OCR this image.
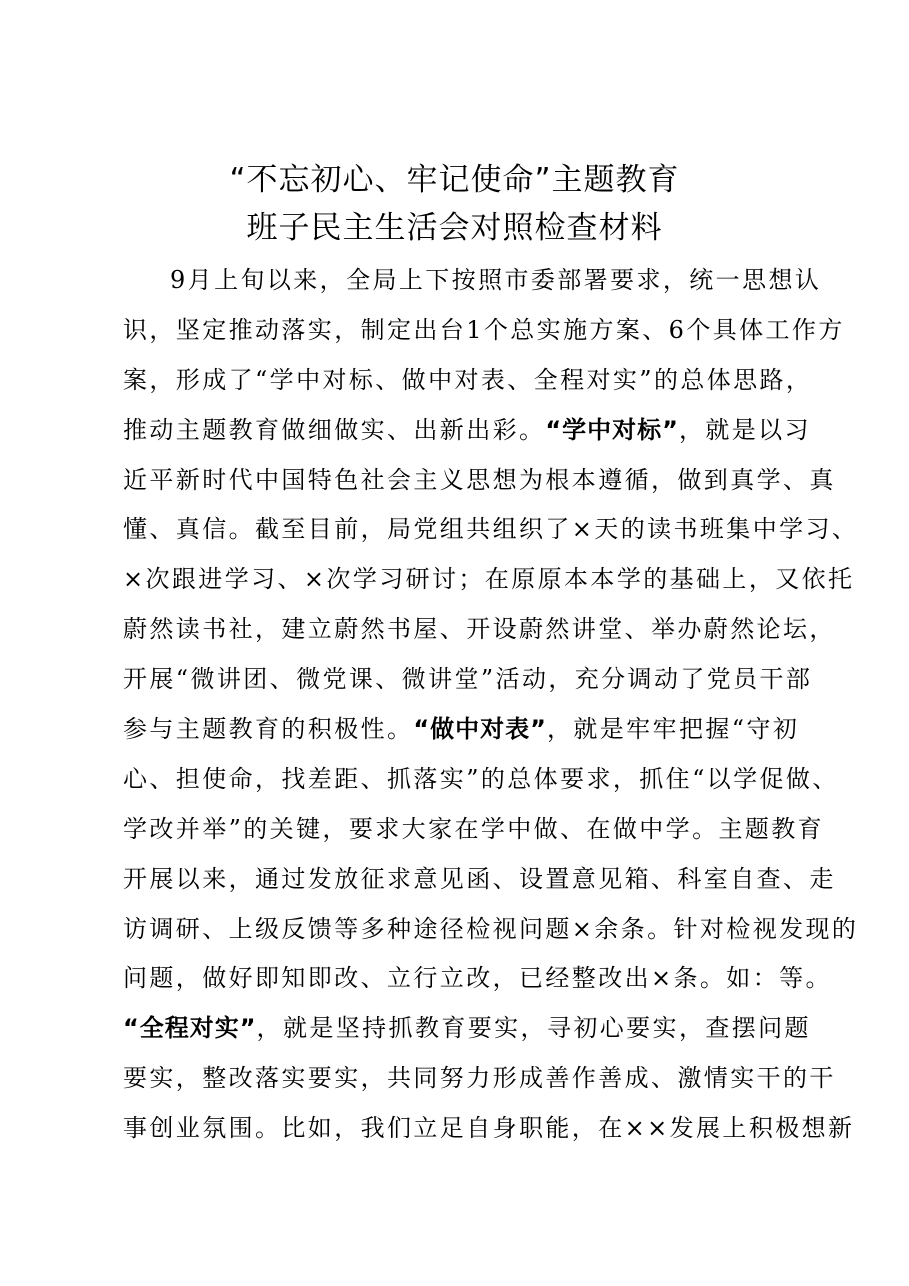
“不忘初心、牢记使命”主题教育
班子民主生活会对照检查材料
9月上旬以来，全局上下按照市委部署要求，统一思想认
识，坚定推动落实，制定出台1个总实施方案、6个具体工作方
案，形成了“学中对标、做中对表、全程对实”的总体思路，
推动主题教育做细做实、出新出彩。“学中对标”，就是以习
近平新时代中国特色社会主义思想为根本遵循，做到真学、真
懂、真信。截至目前，局党组共组织了×天的读书班集中学习、
×次跟进学习、×次学习研讨；在原原本本学的基础上，又依托
蔚然读书社，建立蔚然书屋、开设蔚然讲堂、举办蔚然论坛，
开展“微讲团、微党课、微讲堂”活动，充分调动了党员干部
参与主题教育的积极性。“做中对表”，就是牢牢把握“守初
心、担使命，找差距、抓落实”的总体要求，抓住“以学促做、
学改并举”的关键，要求大家在学中做、在做中学。主题教育
开展以来，通过发放征求意见函、设置意见箱、科室自查、走
访调研、上级反馈等多种途径检视问题×余条。针对检视发现的
问题，做好即知即改、立行立改，已经整改出×条。如：等。
“全程对实”，就是坚持抓教育要实，寻初心要实，查摆问题
要实，整改落实要实，共同努力形成善作善成、激情实干的干
事创业氛围。比如，我们立足自身职能，在××发展上积极想新
